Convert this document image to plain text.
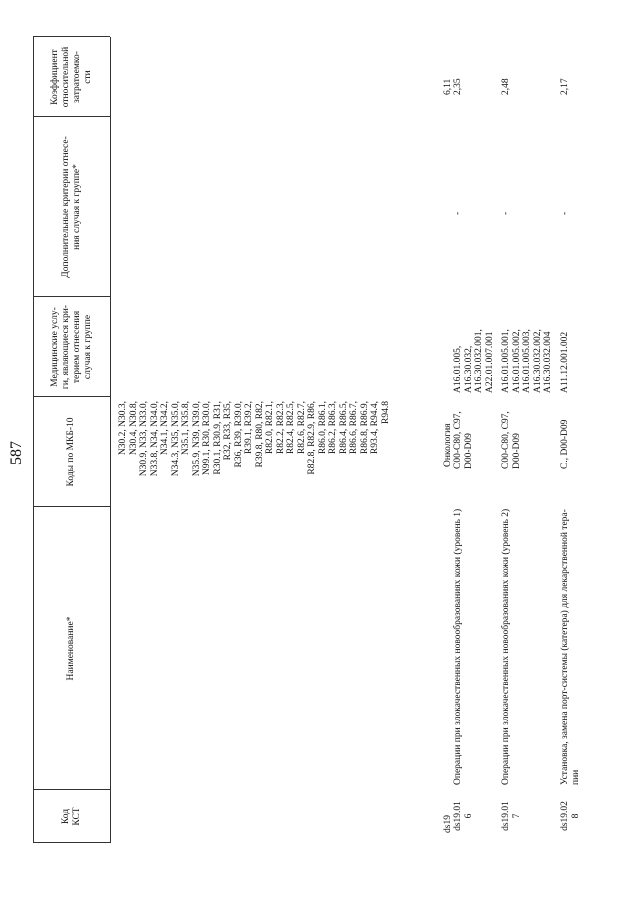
587
Код
КСТ
Наименование*
Коды по МКБ-10
Медицинские услу-
ги, являющиеся кри-
терием отнесения
случая к группе
Дополнительные критерии отнесе-
ния случая к группе*
Коэффициент
относительной
затратоемко-
сти
N30.2, N30.3,
N30.4, N30.8,
N30.9, N33, N33.0,
N33.8, N34, N34.0,
N34.1, N34.2,
N34.3, N35, N35.0,
N35.1, N35.8,
N35.9, N39, N39.0,
N99.1, R30, R30.0,
R30.1, R30.9, R31,
R32, R33, R35,
R36, R39, R39.0,
R39.1, R39.2,
R39.8, R80, R82,
R82.0, R82.1,
R82.2, R82.3,
R82.4, R82.5,
R82.6, R82.7,
R82.8, R82.9, R86,
R86.0, R86.1,
R86.2, R86.3,
R86.4, R86.5,
R86.6, R86.7,
R86.8, R86.9,
R93.4, R94.4,
R94.8
ds19
Онкология
6,11
ds19.01
6
Операции при злокачественных новообразованиях кожи (уровень 1)
C00-C80, C97,
D00-D09
A16.01.005,
A16.30.032,
A16.30.032.001,
A22.01.007.001
-
2,35
ds19.01
7
Операции при злокачественных новообразованиях кожи (уровень 2)
C00-C80, C97,
D00-D09
A16.01.005.001,
A16.01.005.002,
A16.01.005.003,
A16.30.032.002,
A16.30.032.004
-
2,48
ds19.02
8
Установка, замена порт-системы (катетера) для лекарственной тера-
пии
C., D00-D09
A11.12.001.002
-
2,17
